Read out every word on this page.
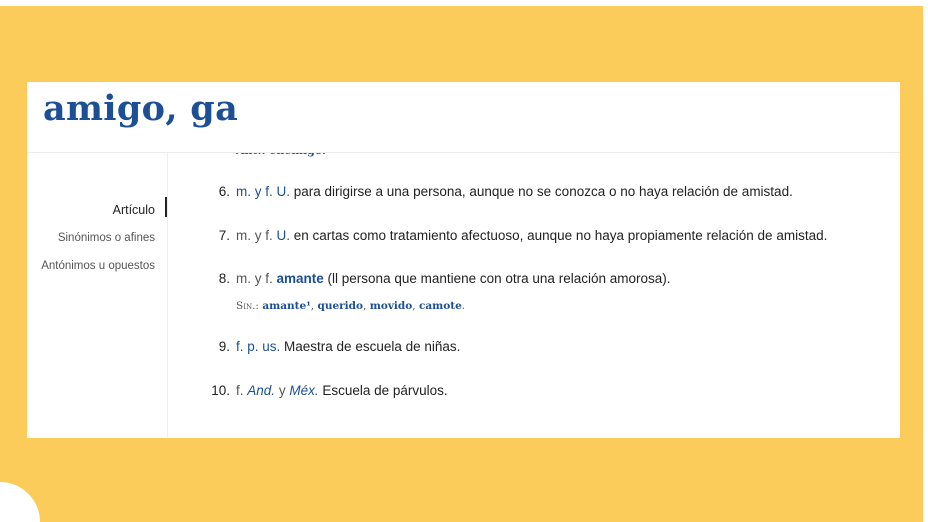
amigo, ga
Artículo
Sinónimos o afines
Antónimos u opuestos
6. m. y f. U. para dirigirse a una persona, aunque no se conozca o no haya relación de amistad.
7. m. y f. U. en cartas como tratamiento afectuoso, aunque no haya propiamente relación de amistad.
8. m. y f. amante (ll persona que mantiene con otra una relación amorosa).
Sin.: amante¹, querido, movido, camote.
9. f. p. us. Maestra de escuela de niñas.
10. f. And. y Méx. Escuela de párvulos.
